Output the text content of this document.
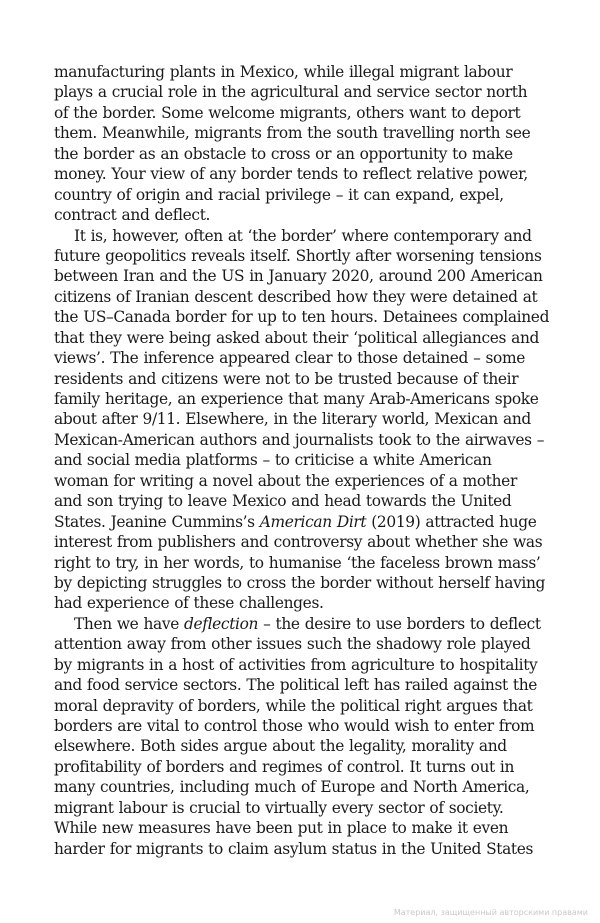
manufacturing plants in Mexico, while illegal migrant labour
plays a crucial role in the agricultural and service sector north
of the border. Some welcome migrants, others want to deport
them. Meanwhile, migrants from the south travelling north see
the border as an obstacle to cross or an opportunity to make
money. Your view of any border tends to reflect relative power,
country of origin and racial privilege – it can expand, expel,
contract and deflect.
It is, however, often at ‘the border’ where contemporary and
future geopolitics reveals itself. Shortly after worsening tensions
between Iran and the US in January 2020, around 200 American
citizens of Iranian descent described how they were detained at
the US–Canada border for up to ten hours. Detainees complained
that they were being asked about their ‘political allegiances and
views’. The inference appeared clear to those detained – some
residents and citizens were not to be trusted because of their
family heritage, an experience that many Arab-Americans spoke
about after 9/11. Elsewhere, in the literary world, Mexican and
Mexican-American authors and journalists took to the airwaves –
and social media platforms – to criticise a white American
woman for writing a novel about the experiences of a mother
and son trying to leave Mexico and head towards the United
States. Jeanine Cummins’s American Dirt (2019) attracted huge
interest from publishers and controversy about whether she was
right to try, in her words, to humanise ‘the faceless brown mass’
by depicting struggles to cross the border without herself having
had experience of these challenges.
Then we have deflection – the desire to use borders to deflect
attention away from other issues such the shadowy role played
by migrants in a host of activities from agriculture to hospitality
and food service sectors. The political left has railed against the
moral depravity of borders, while the political right argues that
borders are vital to control those who would wish to enter from
elsewhere. Both sides argue about the legality, morality and
profitability of borders and regimes of control. It turns out in
many countries, including much of Europe and North America,
migrant labour is crucial to virtually every sector of society.
While new measures have been put in place to make it even
harder for migrants to claim asylum status in the United States
Материал, защищенный авторскими правами
